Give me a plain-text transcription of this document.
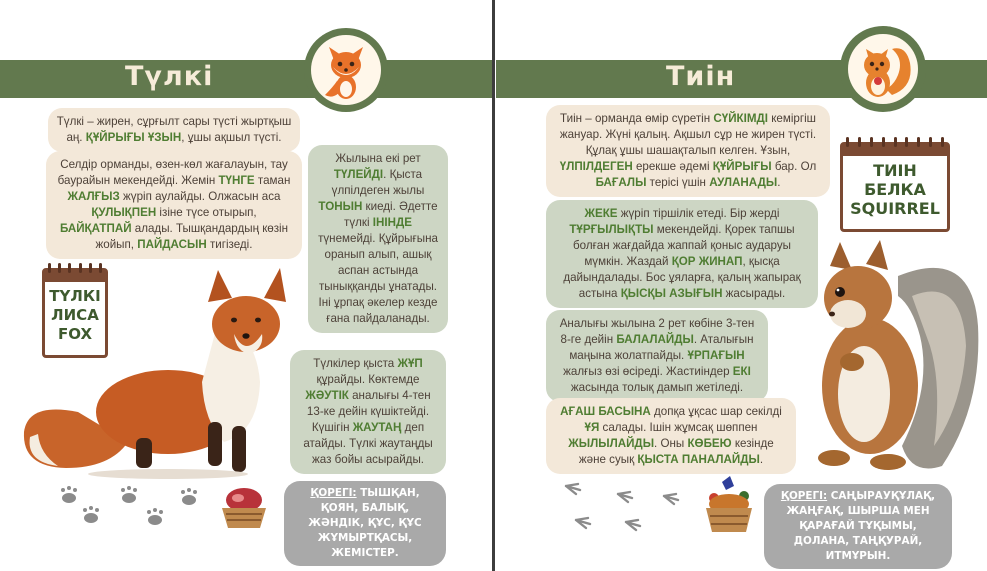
Түлкі
Түлкі – жирен, сұрғылт сары түсті жыртқыш аң. ҚҰЙРЫҒЫ ҰЗЫН, ұшы ақшыл түсті.
Селдір орманды, өзен-көл жағалауын, тау баурайын мекендейді. Жемін ТҮНГЕ таман ЖАЛҒЫЗ жүріп аулайды. Олжасын аса ҚУЛЫҚПЕН ізіне түсе отырып, БАЙҚАТПАЙ алады. Тышқандардың көзін жойып, ПАЙДАСЫН тигізеді.
Жылына екі рет ТҮЛЕЙДІ. Қыста үлпілдеген жылы ТОНЫН киеді. Әдетте түлкі ІНІНДЕ түнемейді. Құйрығына оранып алып, ашық аспан астында тыныққанды ұнатады. Іні ұрпақ әкелер кезде ғана пайдаланады.
Түлкілер қыста ЖҰП құрайды. Көктемде ЖӘУТІК аналығы 4-тен 13-ке дейін күшіктейді. Күшігін ЖАУТАҢ деп атайды. Түлкі жаутаңды жаз бойы асырайды.
ТҮЛКІ
ЛИСА
FOX
ҚОРЕГІ: ТЫШҚАН, ҚОЯН, БАЛЫҚ, ЖӘНДІК, ҚҰС, ҚҰС ЖҰМЫРТҚАСЫ, ЖЕМІСТЕР.
Тиін
Тиін – орманда өмір сүретін СҮЙКІМДІ кеміргіш жануар. Жүні қалың. Ақшыл сұр не жирен түсті. Құлақ ұшы шашақталып келген. Ұзын, ҮЛПІЛДЕГЕН ерекше әдемі ҚҰЙРЫҒЫ бар. Ол БАҒАЛЫ терісі үшін АУЛАНАДЫ.
ЖЕКЕ жүріп тіршілік етеді. Бір жерді ТҰРҒЫЛЫҚТЫ мекендейді. Қорек тапшы болған жағдайда жаппай қоныс аударуы мүмкін. Жаздай ҚОР ЖИНАП, қысқа дайындалады. Бос ұяларға, қалың жапырақ астына ҚЫСҚЫ АЗЫҒЫН жасырады.
Аналығы жылына 2 рет көбіне 3-тен 8-ге дейін БАЛАЛАЙДЫ. Аталығын маңына жолатпайды. ҰРПАҒЫН жалғыз өзі өсіреді. Жастиіндер ЕКІ жасында толық дамып жетіледі.
АҒАШ БАСЫНА допқа ұқсас шар секілді ҰЯ салады. Ішін жұмсақ шөппен ЖЫЛЫЛАЙДЫ. Оны КӨБЕЮ кезінде және суық ҚЫСТА ПАНАЛАЙДЫ.
ТИІН
БЕЛКА
SQUIRREL
ҚОРЕГІ: САҢЫРАУҚҰЛАҚ, ЖАҢҒАҚ, ШЫРША МЕН ҚАРАҒАЙ ТҰҚЫМЫ, ДОЛАНА, ТАҢҚУРАЙ, ИТМҰРЫН.
